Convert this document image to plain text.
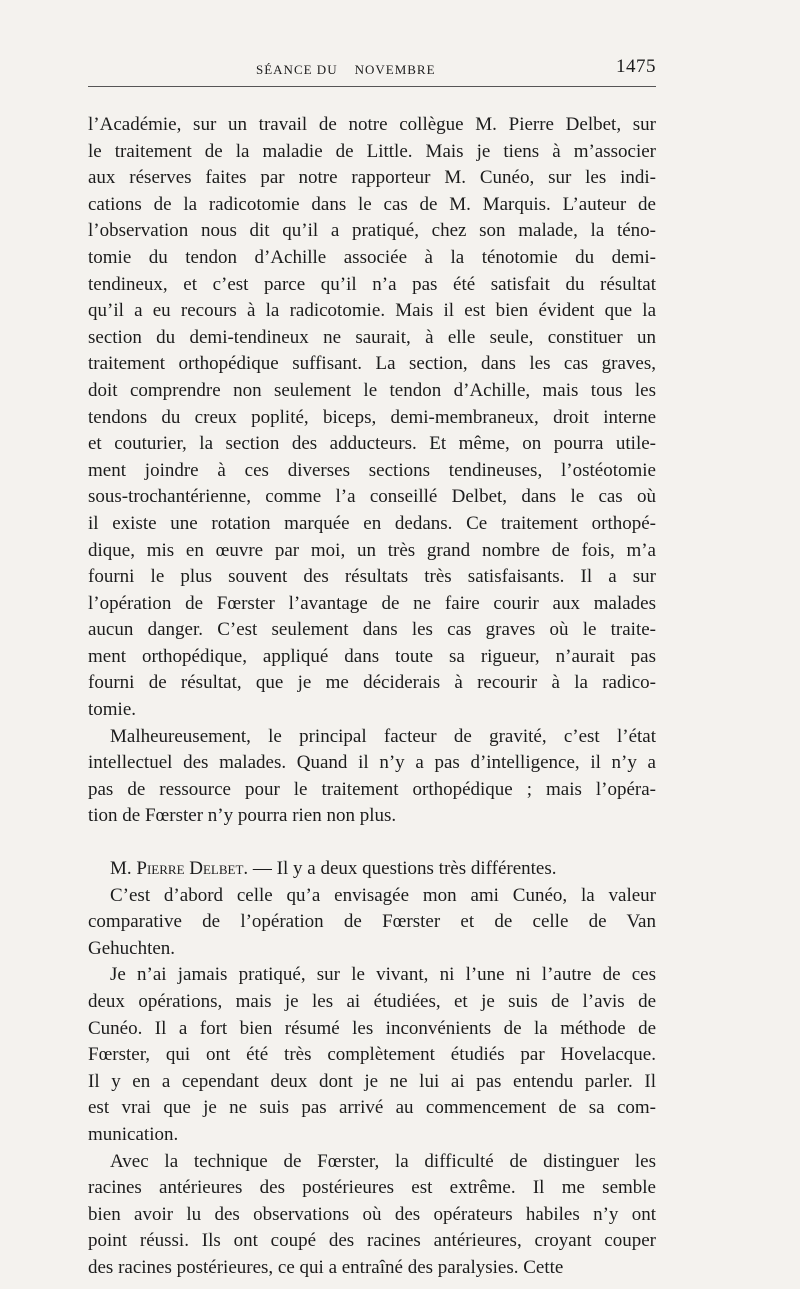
SÉANCE DU    NOVEMBRE	1475

l’Académie, sur un travail de notre collègue M. Pierre Delbet, sur
le traitement de la maladie de Little. Mais je tiens à m’associer
aux réserves faites par notre rapporteur M. Cunéo, sur les indi-
cations de la radicotomie dans le cas de M. Marquis. L’auteur de
l’observation nous dit qu’il a pratiqué, chez son malade, la téno-
tomie du tendon d’Achille associée à la ténotomie du demi-
tendineux, et c’est parce qu’il n’a pas été satisfait du résultat
qu’il a eu recours à la radicotomie. Mais il est bien évident que la
section du demi-tendineux ne saurait, à elle seule, constituer un
traitement orthopédique suffisant. La section, dans les cas graves,
doit comprendre non seulement le tendon d’Achille, mais tous les
tendons du creux poplité, biceps, demi-membraneux, droit interne
et couturier, la section des adducteurs. Et même, on pourra utile-
ment joindre à ces diverses sections tendineuses, l’ostéotomie
sous-trochantérienne, comme l’a conseillé Delbet, dans le cas où
il existe une rotation marquée en dedans. Ce traitement orthopé-
dique, mis en œuvre par moi, un très grand nombre de fois, m’a
fourni le plus souvent des résultats très satisfaisants. Il a sur
l’opération de Fœrster l’avantage de ne faire courir aux malades
aucun danger. C’est seulement dans les cas graves où le traite-
ment orthopédique, appliqué dans toute sa rigueur, n’aurait pas
fourni de résultat, que je me déciderais à recourir à la radico-
tomie.

Malheureusement, le principal facteur de gravité, c’est l’état
intellectuel des malades. Quand il n’y a pas d’intelligence, il n’y a
pas de ressource pour le traitement orthopédique ; mais l’opéra-
tion de Fœrster n’y pourra rien non plus.

M. Pierre Delbet. — Il y a deux questions très différentes.

C’est d’abord celle qu’a envisagée mon ami Cunéo, la valeur
comparative de l’opération de Fœrster et de celle de Van
Gehuchten.

Je n’ai jamais pratiqué, sur le vivant, ni l’une ni l’autre de ces
deux opérations, mais je les ai étudiées, et je suis de l’avis de
Cunéo. Il a fort bien résumé les inconvénients de la méthode de
Fœrster, qui ont été très complètement étudiés par Hovelacque.
Il y en a cependant deux dont je ne lui ai pas entendu parler. Il
est vrai que je ne suis pas arrivé au commencement de sa com-
munication.

Avec la technique de Fœrster, la difficulté de distinguer les
racines antérieures des postérieures est extrême. Il me semble
bien avoir lu des observations où des opérateurs habiles n’y ont
point réussi. Ils ont coupé des racines antérieures, croyant couper
des racines postérieures, ce qui a entraîné des paralysies. Cette
